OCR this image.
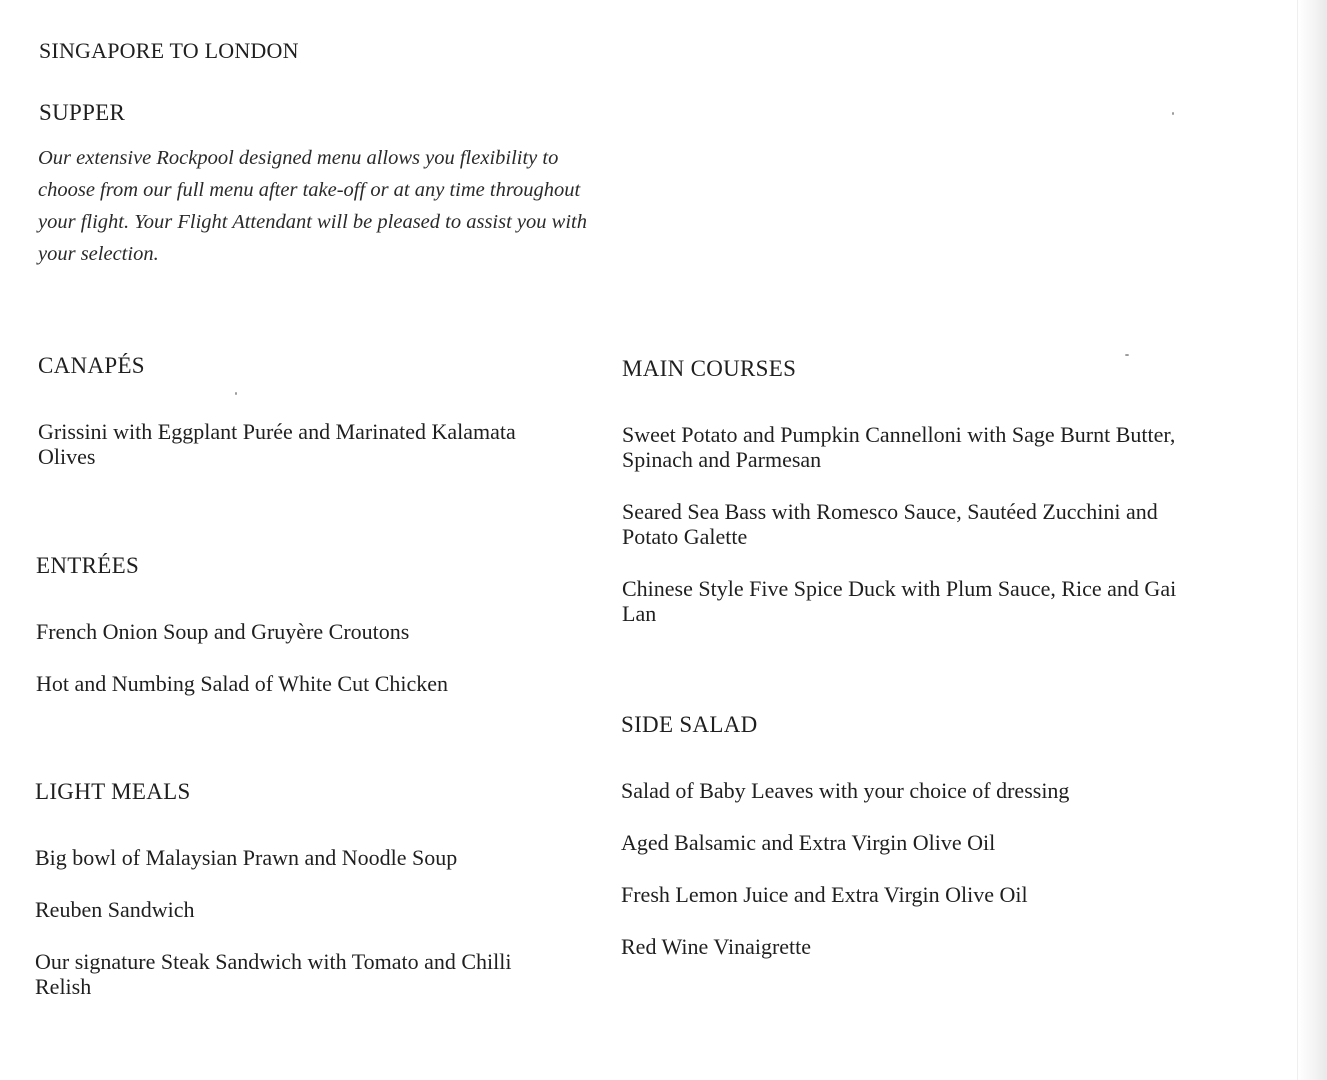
SINGAPORE TO LONDON
SUPPER

Our extensive Rockpool designed menu allows you flexibility to choose from our full menu after take-off or at any time throughout your flight. Your Flight Attendant will be pleased to assist you with your selection.

CANAPÉS
Grissini with Eggplant Purée and Marinated Kalamata Olives
ENTRÉES
French Onion Soup and Gruyère Croutons
Hot and Numbing Salad of White Cut Chicken
LIGHT MEALS
Big bowl of Malaysian Prawn and Noodle Soup
Reuben Sandwich
Our signature Steak Sandwich with Tomato and Chilli Relish
MAIN COURSES
Sweet Potato and Pumpkin Cannelloni with Sage Burnt Butter, Spinach and Parmesan
Seared Sea Bass with Romesco Sauce, Sautéed Zucchini and Potato Galette
Chinese Style Five Spice Duck with Plum Sauce, Rice and Gai Lan
SIDE SALAD
Salad of Baby Leaves with your choice of dressing
Aged Balsamic and Extra Virgin Olive Oil
Fresh Lemon Juice and Extra Virgin Olive Oil
Red Wine Vinaigrette
